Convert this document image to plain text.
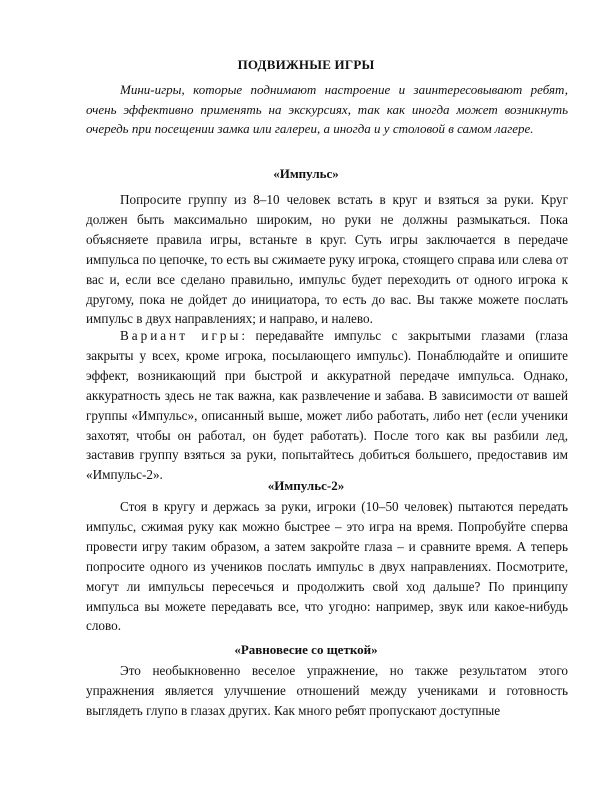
ПОДВИЖНЫЕ ИГРЫ
Мини-игры, которые поднимают настроение и заинтересовывают ребят, очень эффективно применять на экскурсиях, так как иногда может возникнуть очередь при посещении замка или галереи, а иногда и у столовой в самом лагере.
«Импульс»
Попросите группу из 8–10 человек встать в круг и взяться за руки. Круг должен быть максимально широким, но руки не должны размыкаться. Пока объясняете правила игры, встаньте в круг. Суть игры заключается в передаче импульса по цепочке, то есть вы сжимаете руку игрока, стоящего справа или слева от вас и, если все сделано правильно, импульс будет переходить от одного игрока к другому, пока не дойдет до инициатора, то есть до вас. Вы также можете послать импульс в двух направлениях; и направо, и налево.
Вариант игры: передавайте импульс с закрытыми глазами (глаза закрыты у всех, кроме игрока, посылающего импульс). Понаблюдайте и опишите эффект, возникающий при быстрой и аккуратной передаче импульса. Однако, аккуратность здесь не так важна, как развлечение и забава. В зависимости от вашей группы «Импульс», описанный выше, может либо работать, либо нет (если ученики захотят, чтобы он работал, он будет работать). После того как вы разбили лед, заставив группу взяться за руки, попытайтесь добиться большего, предоставив им «Импульс-2».
«Импульс-2»
Стоя в кругу и держась за руки, игроки (10–50 человек) пытаются передать импульс, сжимая руку как можно быстрее – это игра на время. Попробуйте сперва провести игру таким образом, а затем закройте глаза – и сравните время. А теперь попросите одного из учеников послать импульс в двух направлениях. Посмотрите, могут ли импульсы пересечься и продолжить свой ход дальше? По принципу импульса вы можете передавать все, что угодно: например, звук или какое-нибудь слово.
«Равновесие со щеткой»
Это необыкновенно веселое упражнение, но также результатом этого упражнения является улучшение отношений между учениками и готовность выглядеть глупо в глазах других. Как много ребят пропускают доступные
